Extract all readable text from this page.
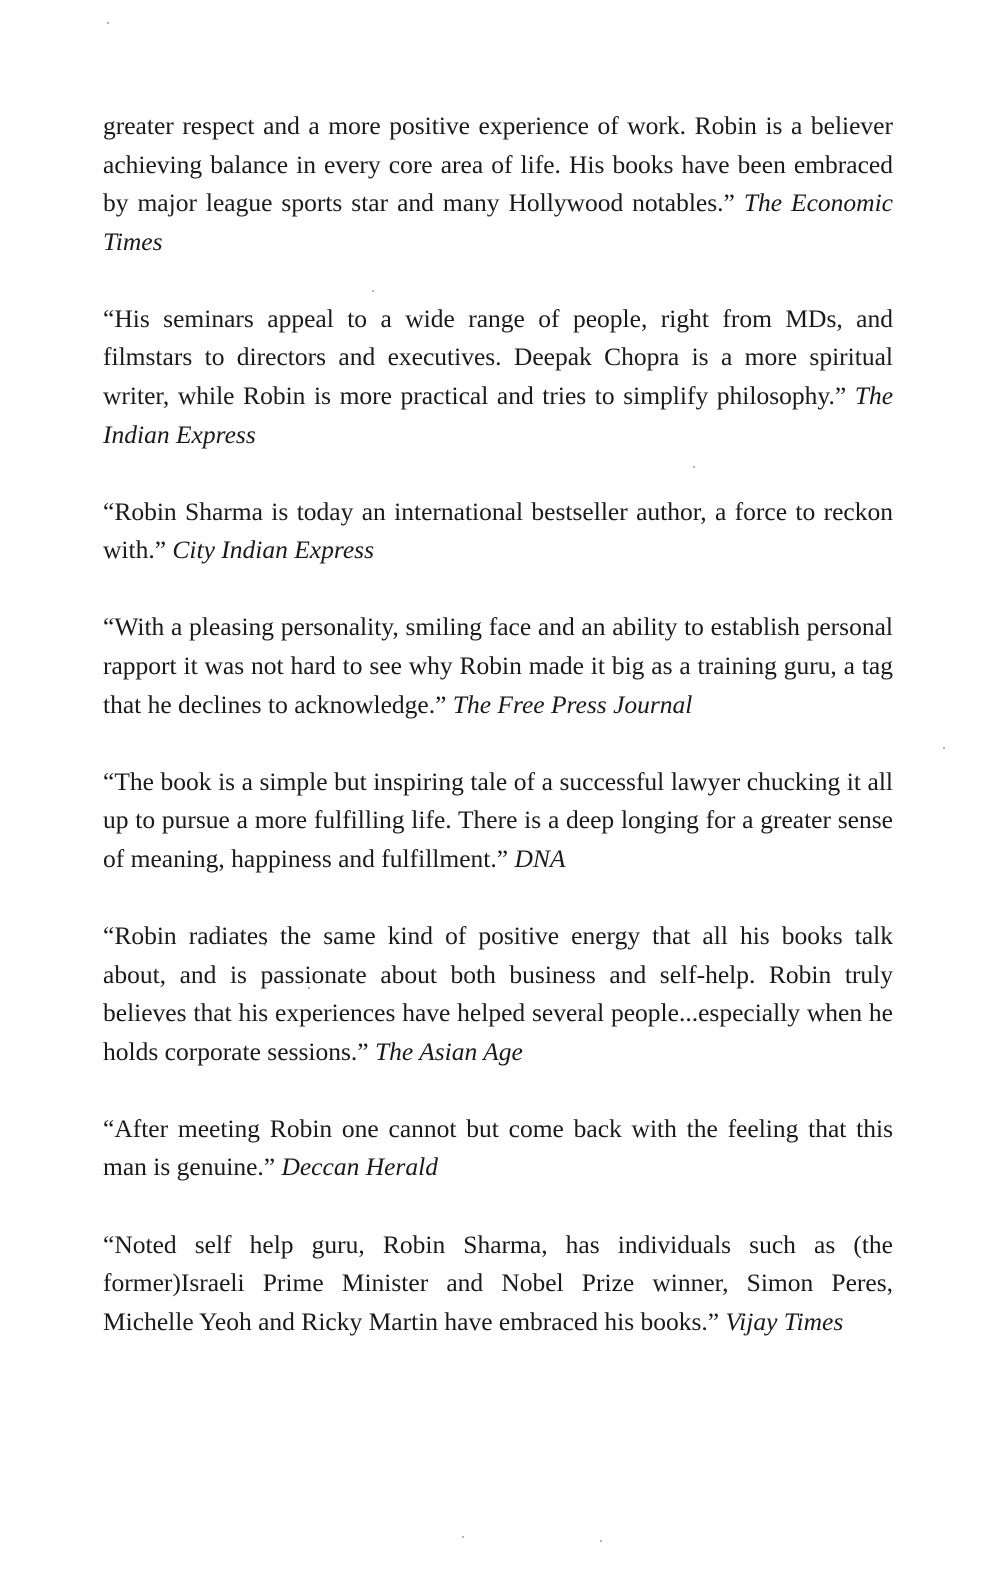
greater respect and a more positive experience of work. Robin is a believer achieving balance in every core area of life. His books have been embraced by major league sports star and many Hollywood notables.” The Economic Times

“His seminars appeal to a wide range of people, right from MDs, and filmstars to directors and executives. Deepak Chopra is a more spiritual writer, while Robin is more practical and tries to simplify philosophy.” The Indian Express

“Robin Sharma is today an international bestseller author, a force to reckon with.” City Indian Express

“With a pleasing personality, smiling face and an ability to establish personal rapport it was not hard to see why Robin made it big as a training guru, a tag that he declines to acknowledge.” The Free Press Journal

“The book is a simple but inspiring tale of a successful lawyer chucking it all up to pursue a more fulfilling life. There is a deep longing for a greater sense of meaning, happiness and fulfillment.” DNA

“Robin radiates the same kind of positive energy that all his books talk about, and is passionate about both business and self-help. Robin truly believes that his experiences have helped several people...especially when he holds corporate sessions.” The Asian Age

“After meeting Robin one cannot but come back with the feeling that this man is genuine.” Deccan Herald

“Noted self help guru, Robin Sharma, has individuals such as (the former)Israeli Prime Minister and Nobel Prize winner, Simon Peres, Michelle Yeoh and Ricky Martin have embraced his books.” Vijay Times
